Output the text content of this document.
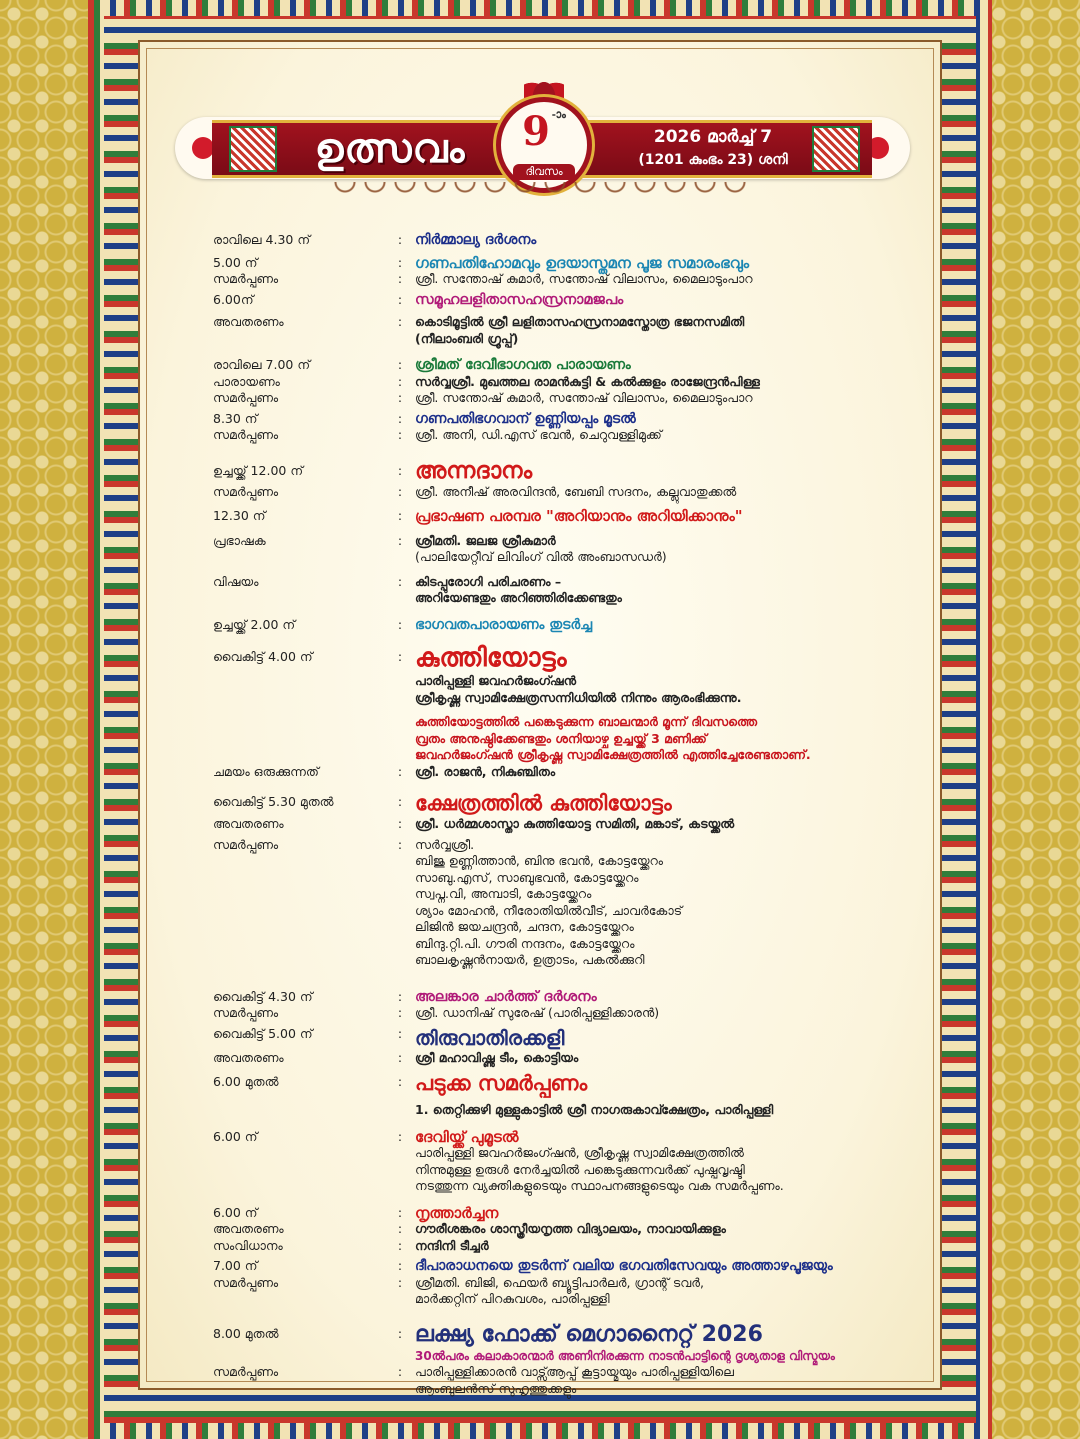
ഉത്സവം	9 -ാം
ദിവസം
2026 മാർച്ച് 7
(1201 കുംഭം 23) ശനി
രാവിലെ 4.30 ന്	: നിർമ്മാല്യ ദർശനം
5.00 ന്	: ഗണപതിഹോമവും ഉദയാസ്തമന പൂജ സമാരംഭവും
സമർപ്പണം	:	ശ്രീ. സന്തോഷ് കുമാർ, സന്തോഷ് വിലാസം, മൈലാടുംപാറ
6.00ന്	: സമൂഹലളിതാസഹസ്രനാമജപം
അവതരണം	:	കൊടിമൂട്ടിൽ ശ്രീ ലളിതാസഹസ്രനാമസ്തോത്ര ഭജനസമിതി
(നീലാംബരി ഗ്രൂപ്പ്)
രാവിലെ 7.00 ന്	: ശ്രീമത് ദേവീഭാഗവത പാരായണം
പാരായണം	:	സർവ്വശ്രീ. മുഖത്തല രാമൻകുട്ടി & കൽക്കുളം രാജേന്ദ്രൻപിള്ള
സമർപ്പണം	:	ശ്രീ. സന്തോഷ് കുമാർ, സന്തോഷ് വിലാസം, മൈലാടുംപാറ
8.30 ന്	: ഗണപതിഭഗവാന് ഉണ്ണിയപ്പം മൂടൽ
സമർപ്പണം	:	ശ്രീ. അനി, ഡി.എസ് ഭവൻ, ചെറുവള്ളിമുക്ക്
ഉച്ചയ്ക്ക് 12.00 ന്	: അന്നദാനം
സമർപ്പണം	:	ശ്രീ. അനീഷ് അരവിന്ദൻ, ബേബി സദനം, കല്ലുവാതുക്കൽ
12.30 ന്	: പ്രഭാഷണ പരമ്പര "അറിയാനും അറിയിക്കാനും"
പ്രഭാഷക	:	ശ്രീമതി. ജലജ ശ്രീകുമാർ
(പാലിയേറ്റീവ് ലിവിംഗ് വിൽ അംബാസഡർ)
വിഷയം	:	കിടപ്പുരോഗി പരിചരണം –
അറിയേണ്ടതും അറിഞ്ഞിരിക്കേണ്ടതും
ഉച്ചയ്ക്ക് 2.00 ന്	: ഭാഗവതപാരായണം തുടർച്ച
വൈകിട്ട് 4.00 ന്	: കുത്തിയോട്ടം
പാരിപ്പള്ളി ജവഹർജംഗ്ഷൻ
ശ്രീകൃഷ്ണ സ്വാമിക്ഷേത്രസന്നിധിയിൽ നിന്നും ആരംഭിക്കുന്നു.
കുത്തിയോട്ടത്തിൽ പങ്കെടുക്കുന്ന ബാലന്മാർ മൂന്ന് ദിവസത്തെ
വ്രതം അനുഷ്ഠിക്കേണ്ടതും ശനിയാഴ്ച ഉച്ചയ്ക്ക് 3 മണിക്ക്
ജവഹർജംഗ്ഷൻ ശ്രീകൃഷ്ണ സ്വാമിക്ഷേത്രത്തിൽ എത്തിച്ചേരേണ്ടതാണ്.
ചമയം ഒരുക്കുന്നത്	:	ശ്രീ. രാജൻ, നികുഞ്ചിതം
വൈകിട്ട് 5.30 മുതൽ	: ക്ഷേത്രത്തിൽ കുത്തിയോട്ടം
അവതരണം	:	ശ്രീ. ധർമ്മശാസ്താ കുത്തിയോട്ട സമിതി, മങ്കാട്, കടയ്ക്കൽ
സമർപ്പണം	:	സർവ്വശ്രീ.
ബിജു ഉണ്ണിത്താൻ, ബിനു ഭവൻ, കോട്ടയ്ക്കേറം
സാബു.എസ്, സാബുഭവൻ, കോട്ടയ്ക്കേറം
സ്വപ്ന.വി, അമ്പാടി, കോട്ടയ്ക്കേറം
ശ്യാം മോഹൻ, നീരോതിയിൽവീട്, ചാവർകോട്
ലിജിൻ ജയചന്ദ്രൻ, ചന്ദന, കോട്ടയ്ക്കേറം
ബിന്ദു.റ്റി.പി. ഗൗരി നന്ദനം, കോട്ടയ്ക്കേറം
ബാലകൃഷ്ണൻനായർ, ഉത്രാടം, പകൽക്കുറി
വൈകിട്ട് 4.30 ന്	: അലങ്കാര ചാർത്ത് ദർശനം
സമർപ്പണം	:	ശ്രീ. ഡാനിഷ് സുരേഷ് (പാരിപ്പള്ളിക്കാരൻ)
വൈകിട്ട് 5.00 ന്	: തിരുവാതിരക്കളി
അവതരണം	:	ശ്രീ മഹാവിഷ്ണു ടീം, കൊട്ടിയം
6.00 മുതൽ	: പടുക്ക സമർപ്പണം
1. തെറ്റിക്കുഴി മുള്ളുകാട്ടിൽ ശ്രീ നാഗരുകാവ്ക്ഷേത്രം, പാരിപ്പള്ളി
6.00 ന്	: ദേവിയ്ക്ക് പുമൂടൽ
പാരിപ്പള്ളി ജവഹർജംഗ്ഷൻ, ശ്രീകൃഷ്ണ സ്വാമിക്ഷേത്രത്തിൽ
നിന്നുമുള്ള ഉരുൾ നേർച്ചയിൽ പങ്കെടുക്കുന്നവർക്ക് പുഷ്പവൃഷ്ടി
നടത്തുന്ന വ്യക്തികളുടെയും സ്ഥാപനങ്ങളുടെയും വക സമർപ്പണം.
6.00 ന്	: നൃത്താർച്ചന
അവതരണം	:	ഗൗരീശങ്കരം ശാസ്ത്രീയനൃത്ത വിദ്യാലയം, നാവായിക്കുളം
സംവിധാനം	:	നന്ദിനി ടീച്ചർ
7.00 ന്	: ദീപാരാധനയെ തുടർന്ന് വലിയ ഭഗവതിസേവയും അത്താഴപൂജയും
സമർപ്പണം	:	ശ്രീമതി. ബിജി, ഫെയർ ബ്യൂട്ടിപാർലർ, ഗ്രാന്റ് ടവർ,
മാർക്കറ്റിന് പിറകുവശം, പാരിപ്പള്ളി
8.00 മുതൽ	: ലക്ഷ്യ ഫോക്ക് മെഗാനൈറ്റ് 2026
30ൽപരം കലാകാരന്മാർ അണിനിരക്കുന്ന നാടൻപാട്ടിന്റെ ദൃശ്യതാള വിസ്മയം
സമർപ്പണം	:	പാരിപ്പള്ളിക്കാരൻ വാട്സ്ആപ്പ് കൂട്ടായ്മയും പാരിപ്പള്ളിയിലെ
ആംബുലൻസ് സുഹൃത്തുക്കളും
